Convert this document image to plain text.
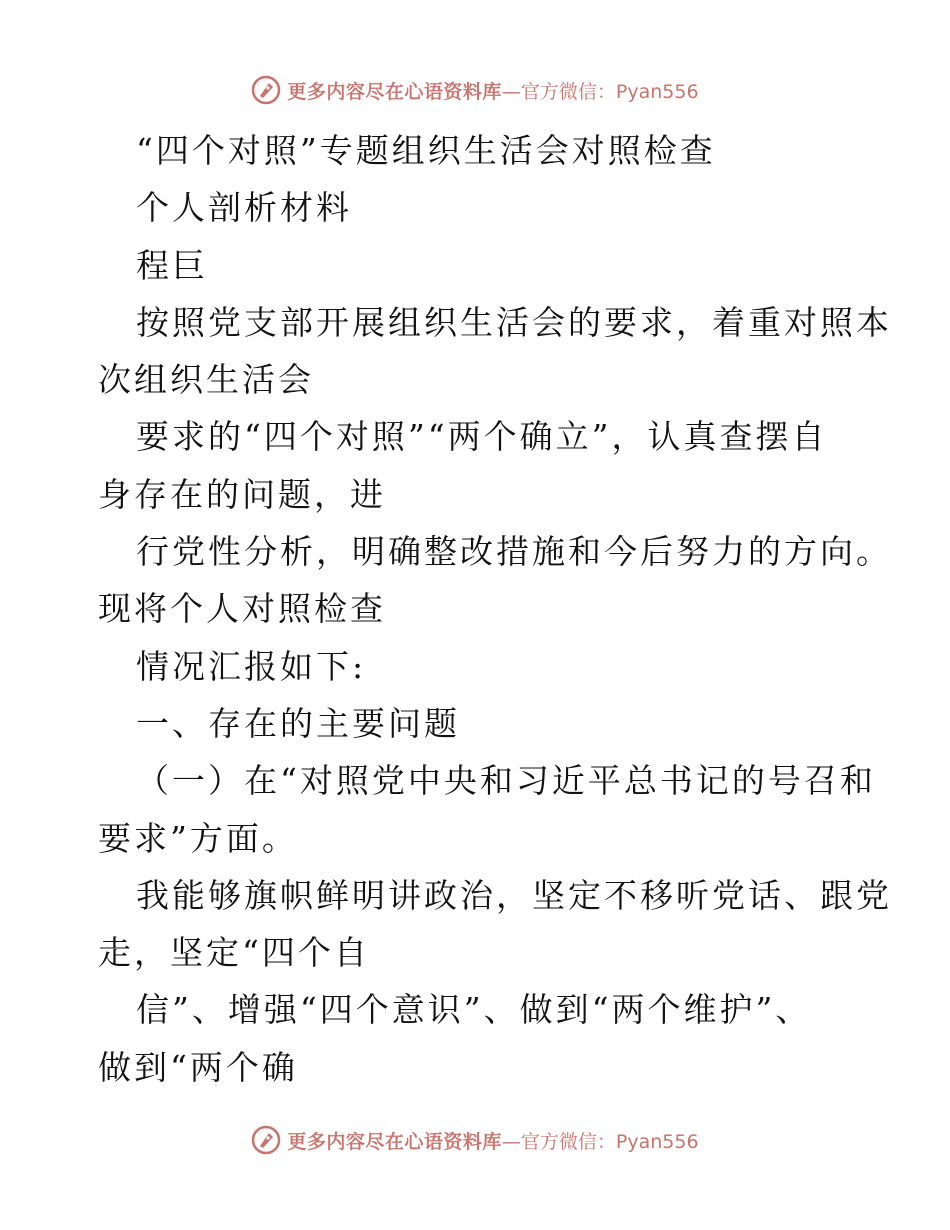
更多内容尽在心语资料库 —官方微信：Pyan556
“四个对照”专题组织生活会对照检查
个人剖析材料
程巨
按照党支部开展组织生活会的要求，着重对照本
次组织生活会
要求的“四个对照”“两个确立”，认真查摆自
身存在的问题，进
行党性分析，明确整改措施和今后努力的方向。
现将个人对照检查
情况汇报如下:
一、存在的主要问题
（一）在“对照党中央和习近平总书记的号召和
要求”方面。
我能够旗帜鲜明讲政治，坚定不移听党话、跟党
走，坚定“四个自
信”、增强“四个意识”、做到“两个维护”、
做到“两个确
更多内容尽在心语资料库 —官方微信：Pyan556
